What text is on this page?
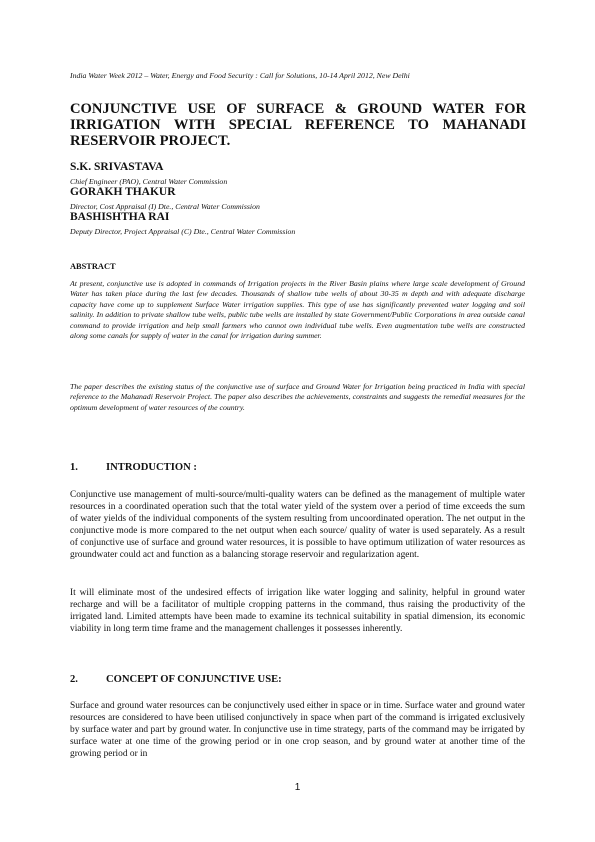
India Water Week 2012 – Water, Energy and Food Security : Call for Solutions, 10-14 April 2012, New Delhi
CONJUNCTIVE USE OF SURFACE & GROUND WATER FOR
IRRIGATION WITH SPECIAL REFERENCE TO MAHANADI
RESERVOIR PROJECT.
S.K. SRIVASTAVA
Chief Engineer (PAO), Central Water Commission
GORAKH THAKUR
Director, Cost Appraisal (I) Dte., Central Water Commission
BASHISHTHA RAI
Deputy Director, Project Appraisal (C) Dte., Central Water Commission
ABSTRACT
At present, conjunctive use is adopted in commands of Irrigation projects in the River Basin plains where large scale development of Ground Water has taken place during the last few decades. Thousands of shallow tube wells of about 30-35 m depth and with adequate discharge capacity have come up to supplement Surface Water irrigation supplies. This type of use has significantly prevented water logging and soil salinity. In addition to private shallow tube wells, public tube wells are installed by state Government/Public Corporations in area outside canal command to provide irrigation and help small farmers who cannot own individual tube wells. Even augmentation tube wells are constructed along some canals for supply of water in the canal for irrigation during summer.
The paper describes the existing status of the conjunctive use of surface and Ground Water for Irrigation being practiced in India with special reference to the Mahanadi Reservoir Project. The paper also describes the achievements, constraints and suggests the remedial measures for the optimum development of water resources of the country.
1.	INTRODUCTION :
Conjunctive use management of multi-source/multi-quality waters can be defined as the management of multiple water resources in a coordinated operation such that the total water yield of the system over a period of time exceeds the sum of water yields of the individual components of the system resulting from uncoordinated operation. The net output in the conjunctive mode is more compared to the net output when each source/ quality of water is used separately. As a result of conjunctive use of surface and ground water resources, it is possible to have optimum utilization of water resources as groundwater could act and function as a balancing storage reservoir and regularization agent.
It will eliminate most of the undesired effects of irrigation like water logging and salinity, helpful in ground water recharge and will be a facilitator of multiple cropping patterns in the command, thus raising the productivity of the irrigated land. Limited attempts have been made to examine its technical suitability in spatial dimension, its economic viability in long term time frame and the management challenges it possesses inherently.
2.	CONCEPT OF CONJUNCTIVE USE:
Surface and ground water resources can be conjunctively used either in space or in time. Surface water and ground water resources are considered to have been utilised conjunctively in space when part of the command is irrigated exclusively by surface water and part by ground water. In conjunctive use in time strategy, parts of the command may be irrigated by surface water at one time of the growing period or in one crop season, and by ground water at another time of the growing period or in
1
